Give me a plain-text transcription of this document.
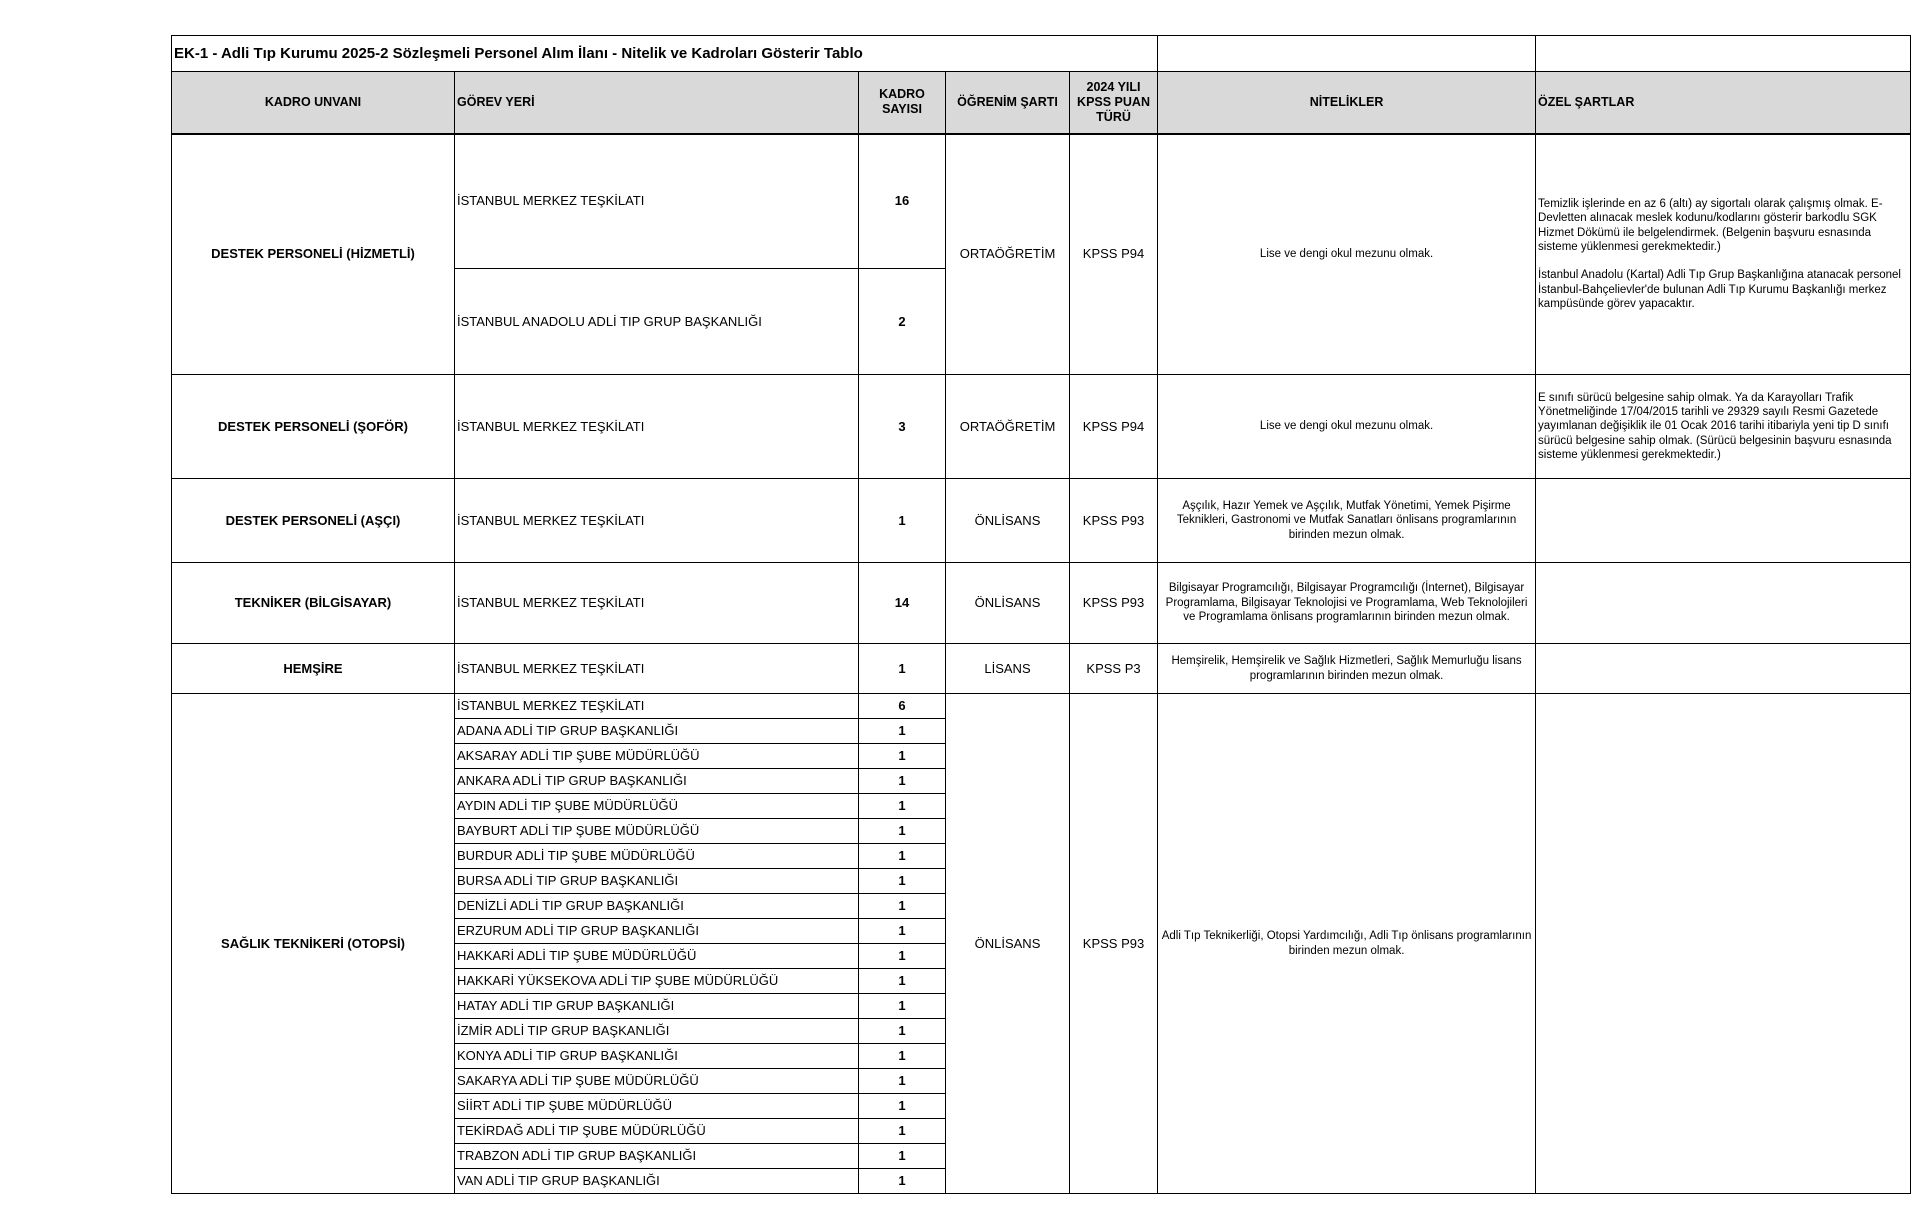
EK-1 - Adli Tıp Kurumu 2025-2 Sözleşmeli Personel Alım İlanı - Nitelik ve Kadroları Gösterir Tablo						
KADRO UNVANI	GÖREV YERİ	KADRO SAYISI	ÖĞRENİM ŞARTI	2024 YILI KPSS PUAN TÜRÜ	NİTELİKLER	ÖZEL ŞARTLAR
DESTEK PERSONELİ (HİZMETLİ)	İSTANBUL MERKEZ TEŞKİLATI	16	ORTAÖĞRETİM	KPSS P94	Lise ve dengi okul mezunu olmak.	Temizlik işlerinde en az 6 (altı) ay sigortalı olarak çalışmış olmak. E- Devletten alınacak meslek kodunu/kodlarını gösterir barkodlu SGK Hizmet Dökümü ile belgelendirmek. (Belgenin başvuru esnasında sisteme yüklenmesi gerekmektedir.)
İstanbul Anadolu (Kartal) Adli Tıp Grup Başkanlığına atanacak personel İstanbul-Bahçelievler'de bulunan Adli Tıp Kurumu Başkanlığı merkez kampüsünde görev yapacaktır.
	İSTANBUL ANADOLU ADLİ TIP GRUP BAŞKANLIĞI	2				
DESTEK PERSONELİ (ŞOFÖR)	İSTANBUL MERKEZ TEŞKİLATI	3	ORTAÖĞRETİM	KPSS P94	Lise ve dengi okul mezunu olmak.	E sınıfı sürücü belgesine sahip olmak. Ya da Karayolları Trafik Yönetmeliğinde 17/04/2015 tarihli ve 29329 sayılı Resmi Gazetede yayımlanan değişiklik ile 01 Ocak 2016 tarihi itibariyla yeni tip D sınıfı sürücü belgesine sahip olmak. (Sürücü belgesinin başvuru esnasında sisteme yüklenmesi gerekmektedir.)
DESTEK PERSONELİ (AŞÇI)	İSTANBUL MERKEZ TEŞKİLATI	1	ÖNLİSANS	KPSS P93	Aşçılık, Hazır Yemek ve Aşçılık, Mutfak Yönetimi, Yemek Pişirme Teknikleri, Gastronomi ve Mutfak Sanatları önlisans programlarının birinden mezun olmak.	
TEKNİKER (BİLGİSAYAR)	İSTANBUL MERKEZ TEŞKİLATI	14	ÖNLİSANS	KPSS P93	Bilgisayar Programcılığı, Bilgisayar Programcılığı (İnternet), Bilgisayar Programlama, Bilgisayar Teknolojisi ve Programlama, Web Teknolojileri ve Programlama önlisans programlarının birinden mezun olmak.	
HEMŞİRE	İSTANBUL MERKEZ TEŞKİLATI	1	LİSANS	KPSS P3	Hemşirelik, Hemşirelik ve Sağlık Hizmetleri, Sağlık Memurluğu lisans programlarının birinden mezun olmak.	
SAĞLIK TEKNİKERİ (OTOPSİ)	İSTANBUL MERKEZ TEŞKİLATI	6	ÖNLİSANS	KPSS P93	Adli Tıp Teknikerliği, Otopsi Yardımcılığı, Adli Tıp önlisans programlarının birinden mezun olmak.	
	ADANA ADLİ TIP GRUP BAŞKANLIĞI	1				
	AKSARAY ADLİ TIP ŞUBE MÜDÜRLÜĞÜ	1				
	ANKARA ADLİ TIP GRUP BAŞKANLIĞI	1				
	AYDIN ADLİ TIP ŞUBE MÜDÜRLÜĞÜ	1				
	BAYBURT ADLİ TIP ŞUBE MÜDÜRLÜĞÜ	1				
	BURDUR ADLİ TIP ŞUBE MÜDÜRLÜĞÜ	1				
	BURSA ADLİ TIP GRUP BAŞKANLIĞI	1				
	DENİZLİ ADLİ TIP GRUP BAŞKANLIĞI	1				
	ERZURUM ADLİ TIP GRUP BAŞKANLIĞI	1				
	HAKKARİ ADLİ TIP ŞUBE MÜDÜRLÜĞÜ	1				
	HAKKARİ YÜKSEKOVA ADLİ TIP ŞUBE MÜDÜRLÜĞÜ	1				
	HATAY ADLİ TIP GRUP BAŞKANLIĞI	1				
	İZMİR ADLİ TIP GRUP BAŞKANLIĞI	1				
	KONYA ADLİ TIP GRUP BAŞKANLIĞI	1				
	SAKARYA ADLİ TIP ŞUBE MÜDÜRLÜĞÜ	1				
	SİİRT ADLİ TIP ŞUBE MÜDÜRLÜĞÜ	1				
	TEKİRDAĞ ADLİ TIP ŞUBE MÜDÜRLÜĞÜ	1				
	TRABZON ADLİ TIP GRUP BAŞKANLIĞI	1				
	VAN ADLİ TIP GRUP BAŞKANLIĞI	1				
